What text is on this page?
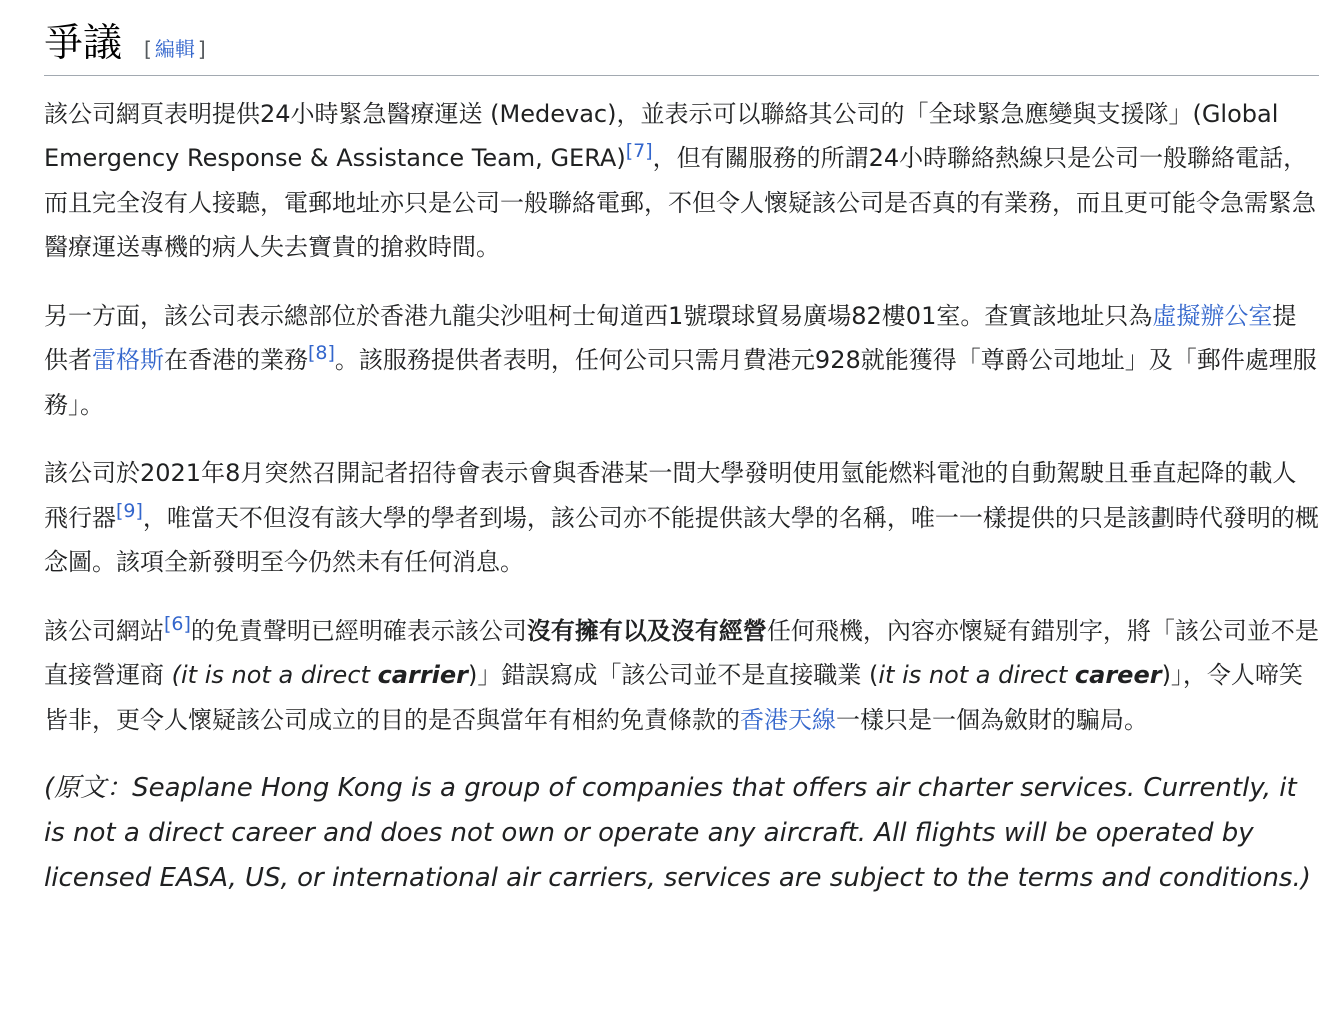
爭議 [ 編輯 ]

該公司網頁表明提供24小時緊急醫療運送 (Medevac)，並表示可以聯絡其公司的「全球緊急應變與支援隊」(Global Emergency Response & Assistance Team, GERA)[7]，但有關服務的所謂24小時聯絡熱線只是公司一般聯絡電話，而且完全沒有人接聽，電郵地址亦只是公司一般聯絡電郵，不但令人懷疑該公司是否真的有業務，而且更可能令急需緊急醫療運送專機的病人失去寶貴的搶救時間。

另一方面，該公司表示總部位於香港九龍尖沙咀柯士甸道西1號環球貿易廣場82樓01室。查實該地址只為虛擬辦公室提供者雷格斯在香港的業務[8]。該服務提供者表明，任何公司只需月費港元928就能獲得「尊爵公司地址」及「郵件處理服務」。

該公司於2021年8月突然召開記者招待會表示會與香港某一間大學發明使用氫能燃料電池的自動駕駛且垂直起降的載人飛行器[9]，唯當天不但沒有該大學的學者到場，該公司亦不能提供該大學的名稱，唯一一樣提供的只是該劃時代發明的概念圖。該項全新發明至今仍然未有任何消息。

該公司網站[6]的免責聲明已經明確表示該公司沒有擁有以及沒有經營任何飛機，內容亦懷疑有錯別字，將「該公司並不是直接營運商 (it is not a direct carrier)」錯誤寫成「該公司並不是直接職業 (it is not a direct career)」，令人啼笑皆非，更令人懷疑該公司成立的目的是否與當年有相約免責條款的香港天線一樣只是一個為斂財的騙局。

(原文：Seaplane Hong Kong is a group of companies that offers air charter services. Currently, it is not a direct career and does not own or operate any aircraft. All flights will be operated by licensed EASA, US, or international air carriers, services are subject to the terms and conditions.)
